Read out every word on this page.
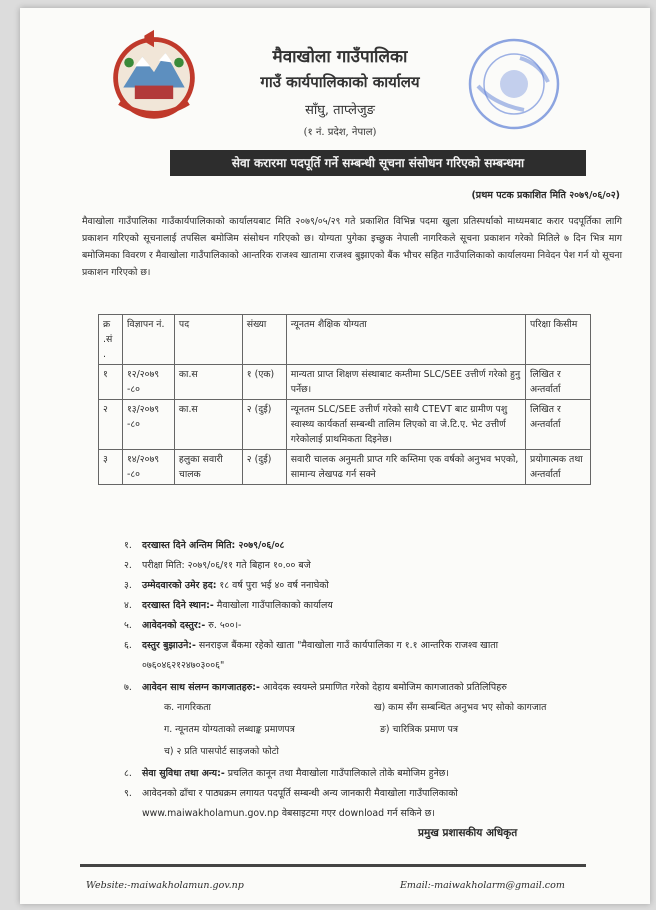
मैवाखोला गाउँपालिका
गाउँ कार्यपालिकाको कार्यालय
साँघु, ताप्लेजुङ
(१ नं. प्रदेश, नेपाल)
सेवा करारमा पदपूर्ति गर्ने सम्बन्धी सूचना संसोधन गरिएको सम्बन्धमा
(प्रथम पटक प्रकाशित मिति २०७९/०६/०२)
मैवाखोला गाउँपालिका गाउँकार्यपालिकाको कार्यालयबाट मिति २०७९/०५/२९ गते प्रकाशित विभिन्न पदमा खुला प्रतिस्पर्धाको माध्यमबाट करार पदपूर्तिका लागि प्रकाशन गरिएको सूचनालाई तपसिल बमोजिम संसोधन गरिएको छ। योग्यता पुगेका इच्छुक नेपाली नागरिकले सूचना प्रकाशन गरेको मितिले ७ दिन भित्र माग बमोजिमका विवरण र मैवाखोला गाउँपालिकाको आन्तरिक राजश्व खातामा राजश्व बुझाएको बैंक भौचर सहित गाउँपालिकाको कार्यालयमा निवेदन पेश गर्न यो सूचना प्रकाशन गरिएको छ।
क्र .सं .	विज्ञापन नं.	पद	संख्या	न्यूनतम शैक्षिक योग्यता	परिक्षा किसीम
१	१२/२०७९ -८०	का.स	१ (एक)	मान्यता प्राप्त शिक्षण संस्थाबाट कम्तीमा SLC/SEE उत्तीर्ण गरेको हुनु पर्नेछ।	लिखित र अन्तर्वार्ता
२	१३/२०७९ -८०	का.स	२ (दुई)	न्यूनतम SLC/SEE उत्तीर्ण गरेको साथै CTEVT बाट ग्रामीण पशु स्वास्थ्य कार्यकर्ता सम्बन्धी तालिम लिएको वा जे.टि.ए. भेट उत्तीर्ण गरेकोलाई प्राथमिकता दिइनेछ।	लिखित र अन्तर्वार्ता
३	१४/२०७९ -८०	हलुका सवारी चालक	२ (दुई)	सवारी चालक अनुमती प्राप्त गरि कम्तिमा एक वर्षको अनुभव भएको, सामान्य लेखपढ गर्न सक्ने	प्रयोगात्मक तथा अन्तर्वार्ता
१. दरखास्त दिने अन्तिम मिति: २०७९/०६/०८
२. परीक्षा मिति: २०७९/०६/११ गते बिहान १०.०० बजे
३. उम्मेदवारको उमेर हद: १८ वर्ष पुरा भई ४० वर्ष ननाघेको
४. दरखास्त दिने स्थान:- मैवाखोला गाउँपालिकाको कार्यालय
५. आवेदनको दस्तुर:- रु. ५००।-
६. दस्तुर बुझाउने:- सनराइज बैंकमा रहेको खाता "मैवाखोला गाउँ कार्यपालिका ग १.१ आन्तरिक राजश्व खाता
०७६०४६२१२४७०३००६"
७. आवेदन साथ संलग्न कागजातहरु:- आवेदक स्वयम्ले प्रमाणित गरेको देहाय बमोजिम कागजातको प्रतिलिपिहरु
क. नागरिकता	ख) काम सँग सम्बन्धित अनुभव भए सोको कागजात
ग. न्यूनतम योग्यताको लब्धाङ्क प्रमाणपत्र	ङ) चारित्रिक प्रमाण पत्र
च) २ प्रति पासपोर्ट साइजको फोटो
८. सेवा सुविधा तथा अन्य:- प्रचलित कानून तथा मैवाखोला गाउँपालिकाले तोके बमोजिम हुनेछ।
९. आवेदनको ढाँचा र पाठ्यक्रम लगायत पदपूर्ति सम्बन्धी अन्य जानकारी मैवाखोला गाउँपालिकाको
www.maiwakholamun.gov.np वेबसाइटमा गएर download गर्न सकिने छ।
प्रमुख प्रशासकीय अधिकृत
Website:-maiwakholamun.gov.np	Email:-maiwakholarm@gmail.com
